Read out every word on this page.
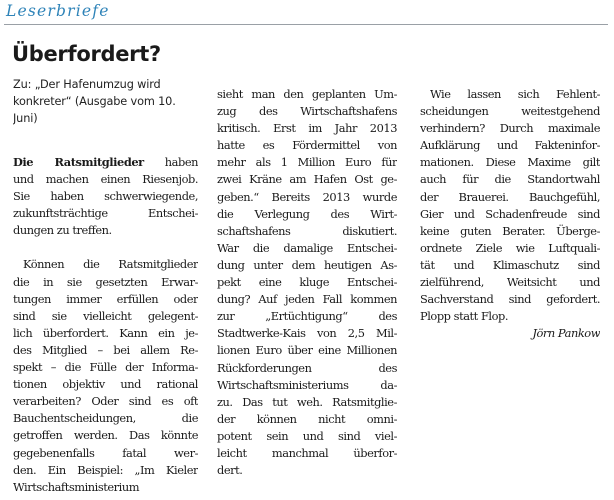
Leserbriefe
Überfordert?
Zu: „Der Hafenumzug wird
konkreter“ (Ausgabe vom 10.
Juni)
Die Ratsmitglieder haben
und machen einen Riesenjob.
Sie haben schwerwiegende,
zukunftsträchtige Entschei-
dungen zu treffen.
Können die Ratsmitglieder
die in sie gesetzten Erwar-
tungen immer erfüllen oder
sind sie vielleicht gelegent-
lich überfordert. Kann ein je-
des Mitglied – bei allem Re-
spekt – die Fülle der Informa-
tionen objektiv und rational
verarbeiten? Oder sind es oft
Bauchentscheidungen, die
getroffen werden. Das könnte
gegebenenfalls fatal wer-
den. Ein Beispiel: „Im Kieler
Wirtschaftsministerium
sieht man den geplanten Um-
zug des Wirtschaftshafens
kritisch. Erst im Jahr 2013
hatte es Fördermittel von
mehr als 1 Million Euro für
zwei Kräne am Hafen Ost ge-
geben.“ Bereits 2013 wurde
die Verlegung des Wirt-
schaftshafens diskutiert.
War die damalige Entschei-
dung unter dem heutigen As-
pekt eine kluge Entschei-
dung? Auf jeden Fall kommen
zur „Ertüchtigung“ des
Stadtwerke-Kais von 2,5 Mil-
lionen Euro über eine Millionen
Rückforderungen des
Wirtschaftsministeriums da-
zu. Das tut weh. Ratsmitglie-
der können nicht omni-
potent sein und sind viel-
leicht manchmal überfor-
dert.
Wie lassen sich Fehlent-
scheidungen weitestgehend
verhindern? Durch maximale
Aufklärung und Fakteninfor-
mationen. Diese Maxime gilt
auch für die Standortwahl
der Brauerei. Bauchgefühl,
Gier und Schadenfreude sind
keine guten Berater. Überge-
ordnete Ziele wie Luftquali-
tät und Klimaschutz sind
zielführend, Weitsicht und
Sachverstand sind gefordert.
Plopp statt Flop.
Jörn Pankow
